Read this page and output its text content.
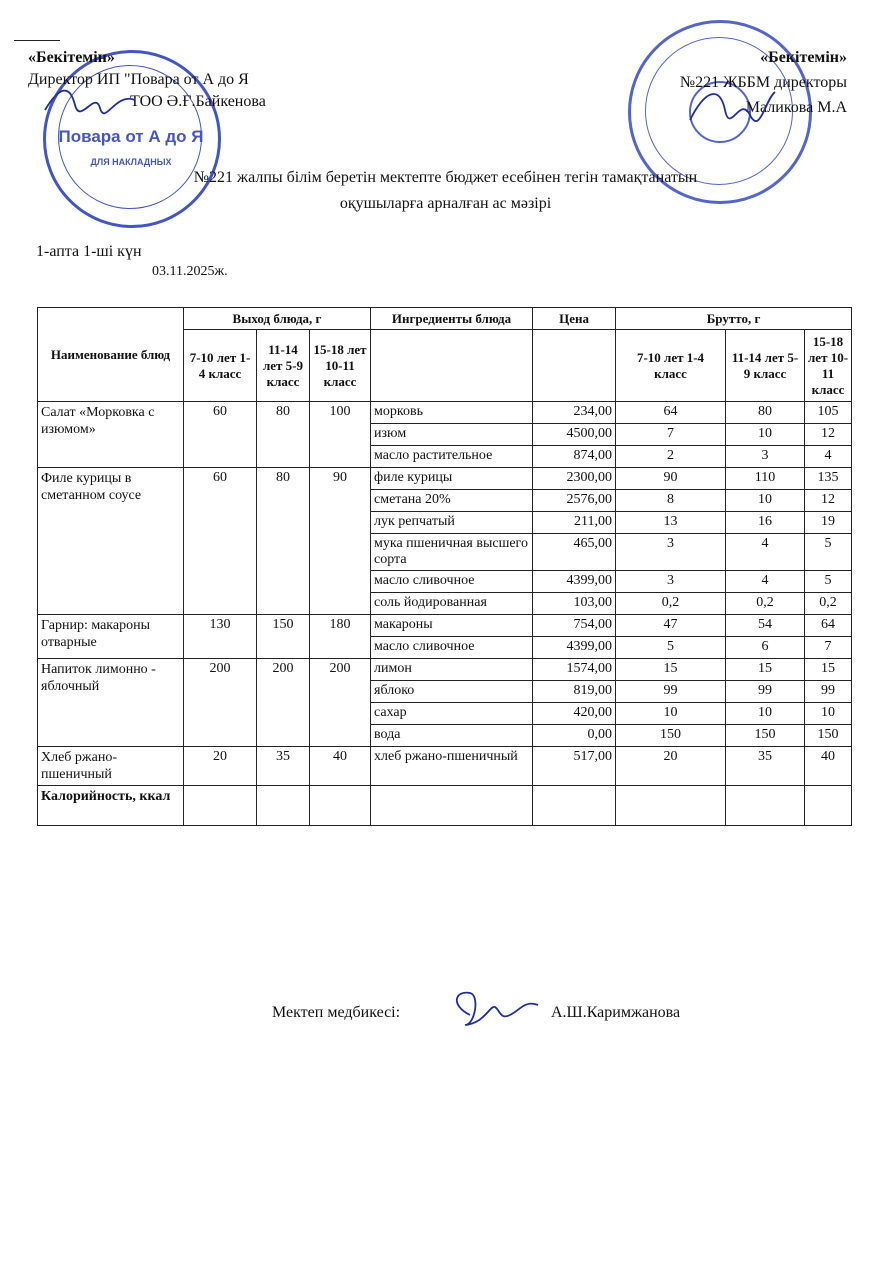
Повара от А до Я
ДЛЯ НАКЛАДНЫХ
«Бекітемін»
Директор ИП "Повара от А до Я
ТОО Ә.Ғ.Байкенова
«Бекітемін»
№221 ЖББМ директоры
Маликова М.А
№221 жалпы білім беретін мектепте бюджет есебінен тегін тамақтанатын
оқушыларға арналған ас мәзірі
1-апта 1-ші күн
03.11.2025ж.
Наименование блюд	Выход блюда, г			Ингредиенты блюда	Цена	Брутто, г		
	7-10 лет 1-4 класс	11-14 лет 5-9 класс	15-18 лет 10-11 класс			7-10 лет 1-4 класс	11-14 лет 5-9 класс	15-18 лет 10-11 класс
Салат «Морковка с изюмом»	60	80	100	морковь	234,00	64	80	105
				изюм	4500,00	7	10	12
				масло растительное	874,00	2	3	4
Филе курицы в сметанном соусе	60	80	90	филе курицы	2300,00	90	110	135
				сметана 20%	2576,00	8	10	12
				лук репчатый	211,00	13	16	19
				мука пшеничная высшего сорта	465,00	3	4	5
				масло сливочное	4399,00	3	4	5
				соль йодированная	103,00	0,2	0,2	0,2
Гарнир: макароны отварные	130	150	180	макароны	754,00	47	54	64
				масло сливочное	4399,00	5	6	7
Напиток лимонно - яблочный	200	200	200	лимон	1574,00	15	15	15
				яблоко	819,00	99	99	99
				сахар	420,00	10	10	10
				вода	0,00	150	150	150
Хлеб ржано-пшеничный	20	35	40	хлеб ржано-пшеничный	517,00	20	35	40
Калорийность, ккал								
Мектеп медбикесі:	А.Ш.Каримжанова
